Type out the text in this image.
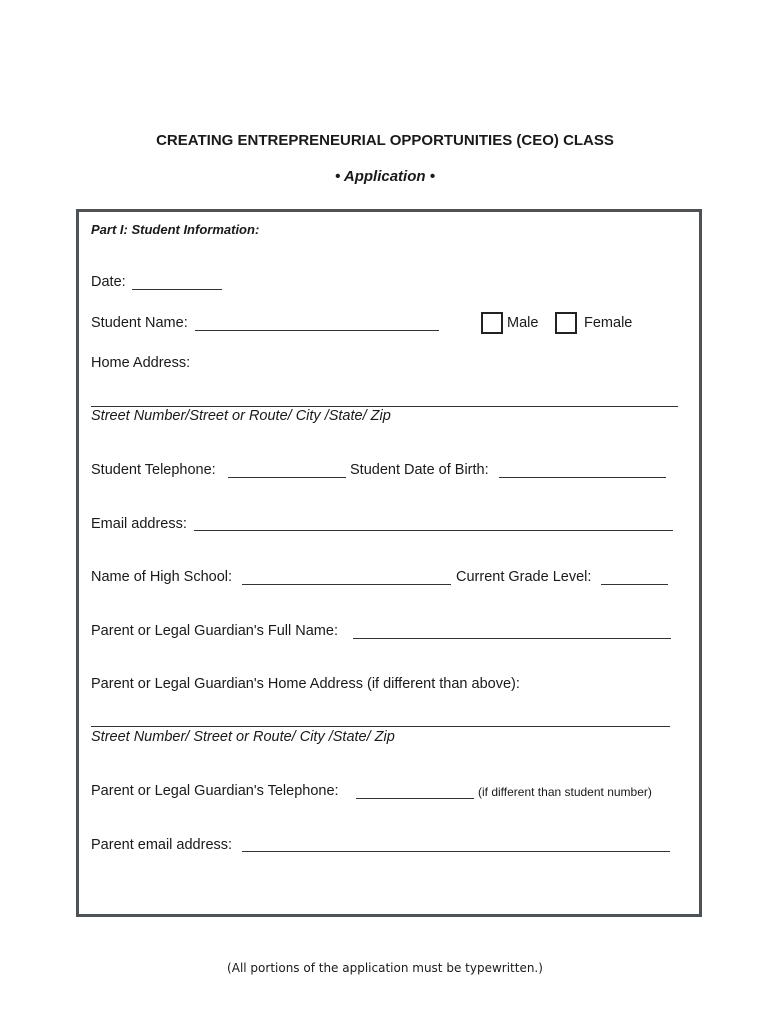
CREATING ENTREPRENEURIAL OPPORTUNITIES (CEO) CLASS
• Application •
Part I: Student Information:
Date:
Student Name:	Male	Female
Home Address:
Street Number/Street or Route/ City /State/ Zip
Student Telephone:	Student Date of Birth:
Email address:
Name of High School:	Current Grade Level:
Parent or Legal Guardian's Full Name:
Parent or Legal Guardian's Home Address (if different than above):
Street Number/ Street or Route/ City /State/ Zip
Parent or Legal Guardian's Telephone:	(if different than student number)
Parent email address:
(All portions of the application must be typewritten.)
